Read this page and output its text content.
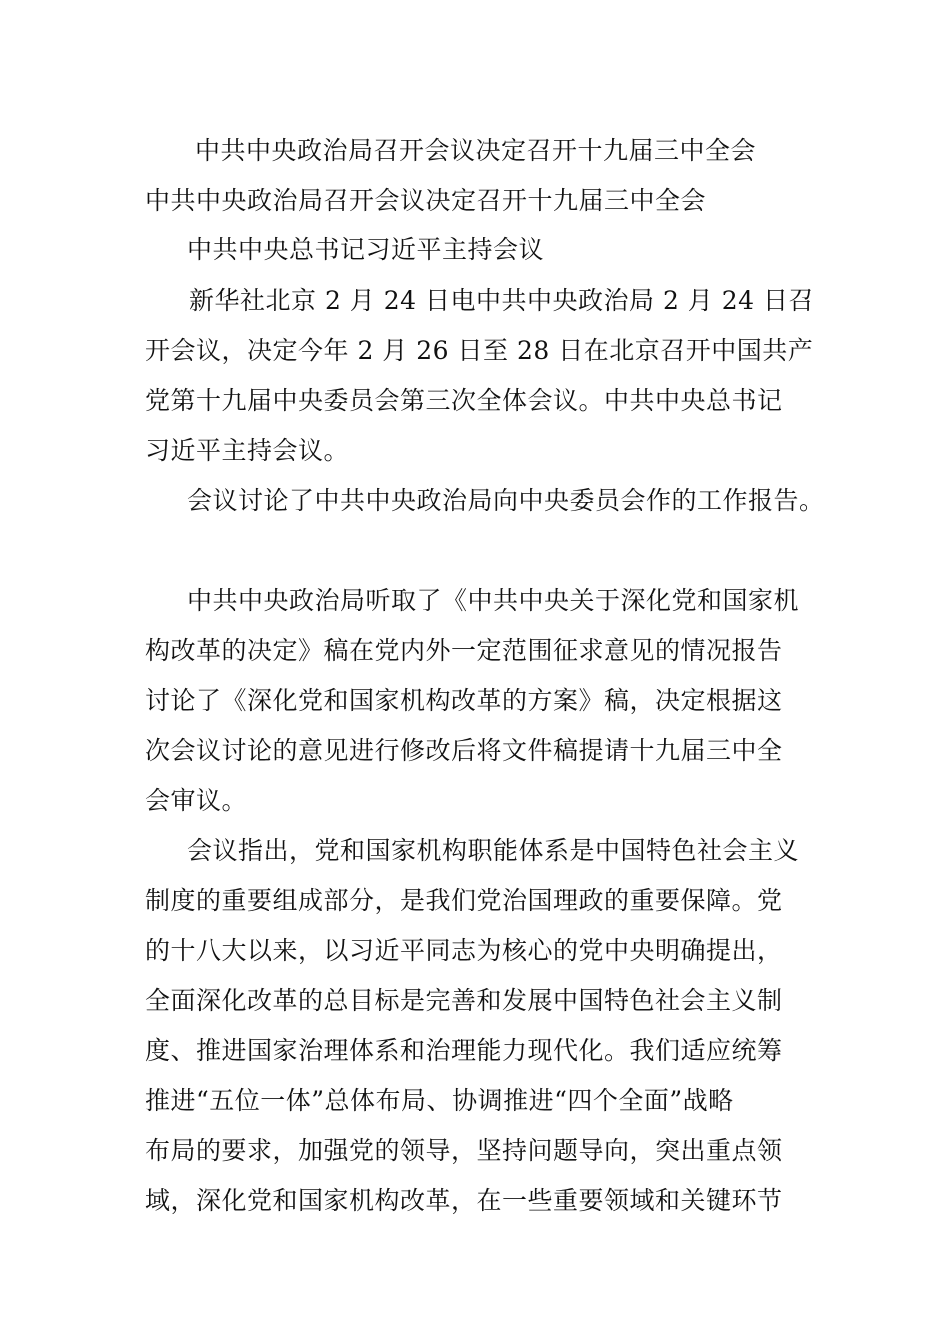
中共中央政治局召开会议决定召开十九届三中全会
中共中央政治局召开会议决定召开十九届三中全会
中共中央总书记习近平主持会议
新华社北京 2 月 24 日电中共中央政治局 2 月 24 日召
开会议，决定今年 2 月 26 日至 28 日在北京召开中国共产
党第十九届中央委员会第三次全体会议。中共中央总书记
习近平主持会议。
会议讨论了中共中央政治局向中央委员会作的工作报告。
中共中央政治局听取了《中共中央关于深化党和国家机
构改革的决定》稿在党内外一定范围征求意见的情况报告
讨论了《深化党和国家机构改革的方案》稿，决定根据这
次会议讨论的意见进行修改后将文件稿提请十九届三中全
会审议。
会议指出，党和国家机构职能体系是中国特色社会主义
制度的重要组成部分，是我们党治国理政的重要保障。党
的十八大以来，以习近平同志为核心的党中央明确提出，
全面深化改革的总目标是完善和发展中国特色社会主义制
度、推进国家治理体系和治理能力现代化。我们适应统筹
推进“五位一体”总体布局、协调推进“四个全面”战略
布局的要求，加强党的领导，坚持问题导向，突出重点领
域，深化党和国家机构改革，在一些重要领域和关键环节
